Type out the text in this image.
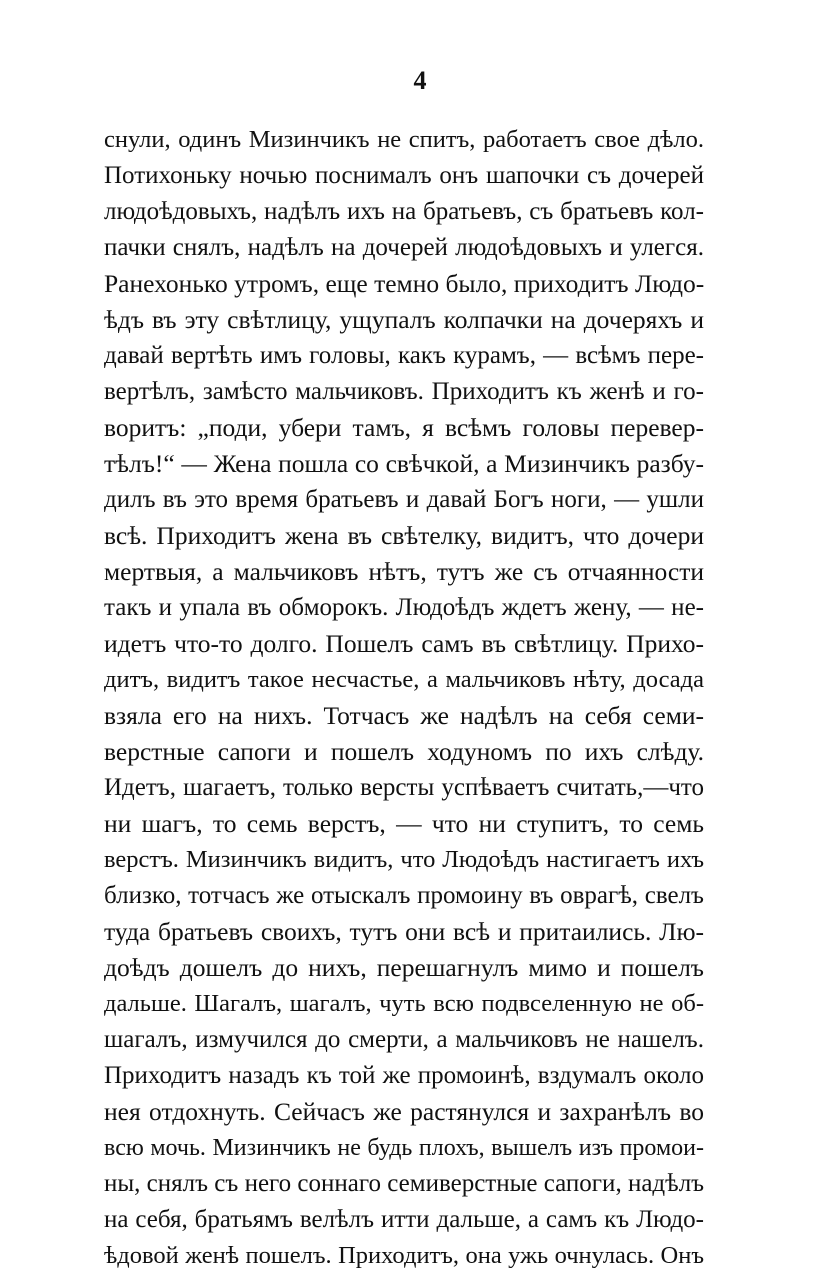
4
снули, одинъ Мизинчикъ не спитъ, работаетъ свое дѣло.
Потихоньку ночью поснималъ онъ шапочки съ дочерей
людоѣдовыхъ, надѣлъ ихъ на братьевъ, съ братьевъ кол-
пачки снялъ, надѣлъ на дочерей людоѣдовыхъ и улегся.
Ранехонько утромъ, еще темно было, приходитъ Людо-
ѣдъ въ эту свѣтлицу, ущупалъ колпачки на дочеряхъ и
давай вертѣть имъ головы, какъ курамъ, — всѣмъ пере-
вертѣлъ, замѣсто мальчиковъ. Приходитъ къ женѣ и го-
воритъ: „поди, убери тамъ, я всѣмъ головы перевер-
тѣлъ!“ — Жена пошла со свѣчкой, а Мизинчикъ разбу-
дилъ въ это время братьевъ и давай Богъ ноги, — ушли
всѣ. Приходитъ жена въ свѣтелку, видитъ, что дочери
мертвыя, а мальчиковъ нѣтъ, тутъ же съ отчаянности
такъ и упала въ обморокъ. Людоѣдъ ждетъ жену, — не-
идетъ что-то долго. Пошелъ самъ въ свѣтлицу. Прихо-
дитъ, видитъ такое несчастье, а мальчиковъ нѣту, досада
взяла его на нихъ. Тотчасъ же надѣлъ на себя семи-
верстные сапоги и пошелъ ходуномъ по ихъ слѣду.
Идетъ, шагаетъ, только версты успѣваетъ считать,—что
ни шагъ, то семь верстъ, — что ни ступитъ, то семь
верстъ. Мизинчикъ видитъ, что Людоѣдъ настигаетъ ихъ
близко, тотчасъ же отыскалъ промоину въ оврагѣ, свелъ
туда братьевъ своихъ, тутъ они всѣ и притаились. Лю-
доѣдъ дошелъ до нихъ, перешагнулъ мимо и пошелъ
дальше. Шагалъ, шагалъ, чуть всю подвселенную не об-
шагалъ, измучился до смерти, а мальчиковъ не нашелъ.
Приходитъ назадъ къ той же промоинѣ, вздумалъ около
нея отдохнуть. Сейчасъ же растянулся и захранѣлъ во
всю мочь. Мизинчикъ не будь плохъ, вышелъ изъ промои-
ны, снялъ съ него соннаго семиверстные сапоги, надѣлъ
на себя, братьямъ велѣлъ итти дальше, а самъ къ Людо-
ѣдовой женѣ пошелъ. Приходитъ, она ужь очнулась. Онъ
